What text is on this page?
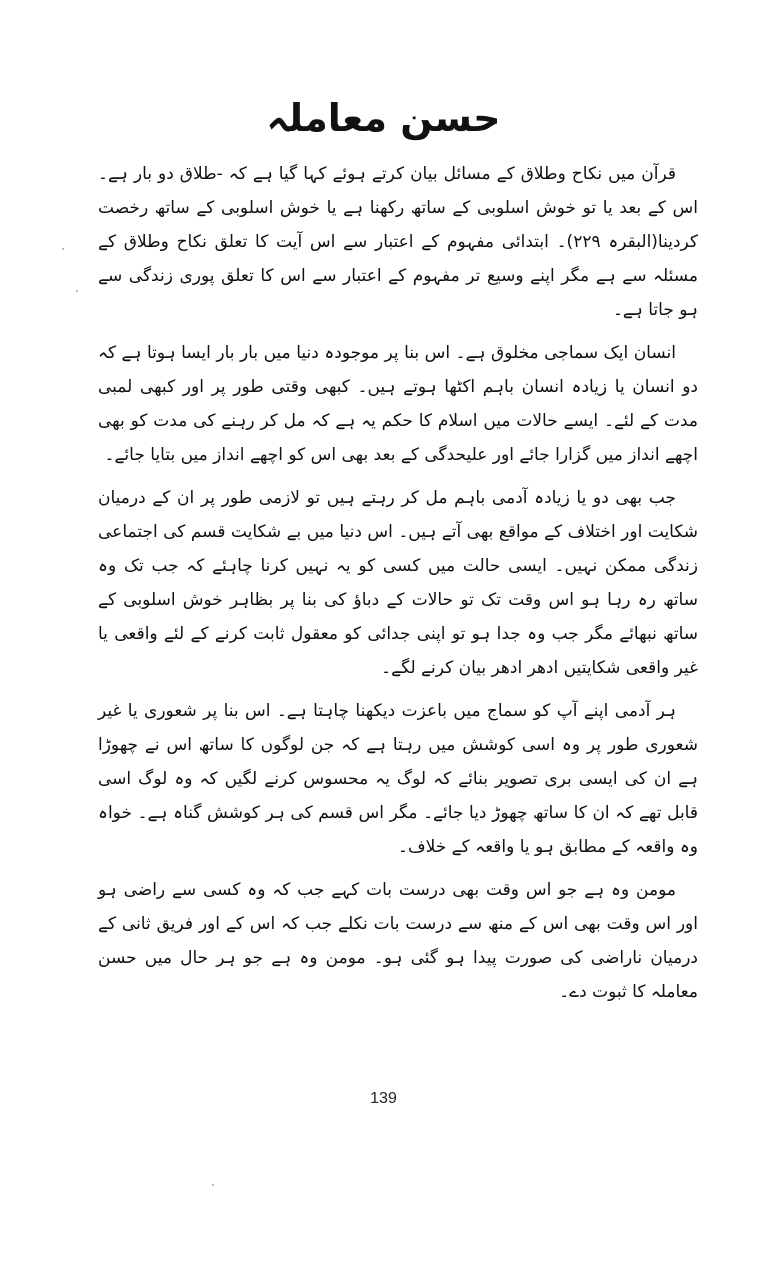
حسن معاملہ

قرآن میں نکاح وطلاق کے مسائل بیان کرتے ہوئے کہا گیا ہے کہ -طلاق دو بار ہے۔ اس کے بعد یا تو خوش اسلوبی کے ساتھ رکھنا ہے یا خوش اسلوبی کے ساتھ رخصت کردینا(البقرہ ۲۲۹)۔ ابتدائی مفہوم کے اعتبار سے اس آیت کا تعلق نکاح وطلاق کے مسئلہ سے ہے مگر اپنے وسیع تر مفہوم کے اعتبار سے اس کا تعلق پوری زندگی سے ہو جاتا ہے۔

انسان ایک سماجی مخلوق ہے۔ اس بنا پر موجودہ دنیا میں بار بار ایسا ہوتا ہے کہ دو انسان یا زیادہ انسان باہم اکٹھا ہوتے ہیں۔ کبھی وقتی طور پر اور کبھی لمبی مدت کے لئے۔ ایسے حالات میں اسلام کا حکم یہ ہے کہ مل کر رہنے کی مدت کو بھی اچھے انداز میں گزارا جائے اور علیحدگی کے بعد بھی اس کو اچھے انداز میں بتایا جائے۔

جب بھی دو یا زیادہ آدمی باہم مل کر رہتے ہیں تو لازمی طور پر ان کے درمیان شکایت اور اختلاف کے مواقع بھی آتے ہیں۔ اس دنیا میں بے شکایت قسم کی اجتماعی زندگی ممکن نہیں۔ ایسی حالت میں کسی کو یہ نہیں کرنا چاہئے کہ جب تک وہ ساتھ رہ رہا ہو اس وقت تک تو حالات کے دباؤ کی بنا پر بظاہر خوش اسلوبی کے ساتھ نبھائے مگر جب وہ جدا ہو تو اپنی جدائی کو معقول ثابت کرنے کے لئے واقعی یا غیر واقعی شکایتیں ادھر ادھر بیان کرنے لگے۔

ہر آدمی اپنے آپ کو سماج میں باعزت دیکھنا چاہتا ہے۔ اس بنا پر شعوری یا غیر شعوری طور پر وہ اسی کوشش میں رہتا ہے کہ جن لوگوں کا ساتھ اس نے چھوڑا ہے ان کی ایسی بری تصویر بنائے کہ لوگ یہ محسوس کرنے لگیں کہ وہ لوگ اسی قابل تھے کہ ان کا ساتھ چھوڑ دیا جائے۔ مگر اس قسم کی ہر کوشش گناہ ہے۔ خواہ وہ واقعہ کے مطابق ہو یا واقعہ کے خلاف۔

مومن وہ ہے جو اس وقت بھی درست بات کہے جب کہ وہ کسی سے راضی ہو اور اس وقت بھی اس کے منھ سے درست بات نکلے جب کہ اس کے اور فریق ثانی کے درمیان ناراضی کی صورت پیدا ہو گئی ہو۔ مومن وہ ہے جو ہر حال میں حسن معاملہ کا ثبوت دے۔

139
